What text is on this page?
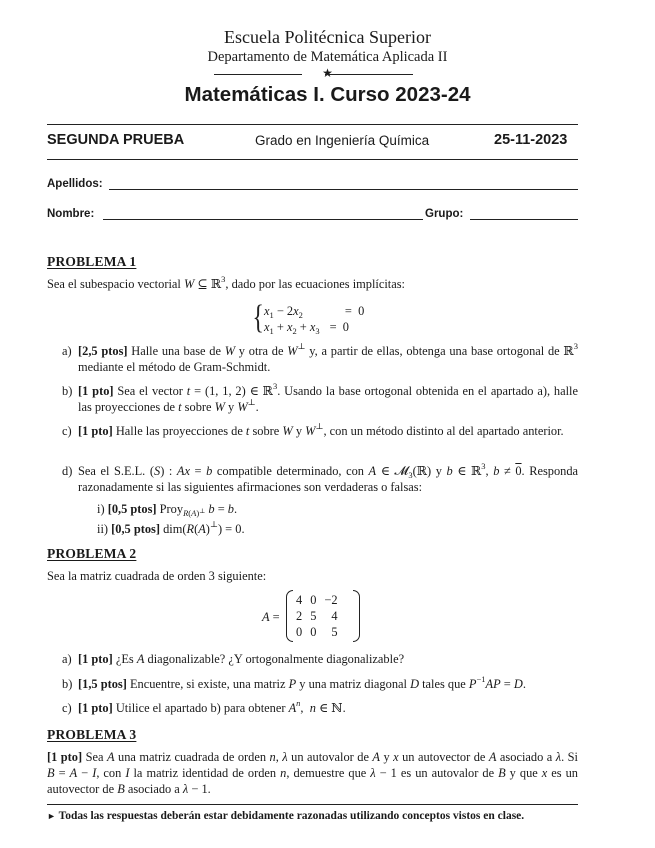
Escuela Politécnica Superior
Departamento de Matemática Aplicada II
★
Matemáticas I. Curso 2023-24
SEGUNDA PRUEBA	Grado en Ingeniería Química	25-11-2023
Apellidos:
Nombre:	Grupo:
PROBLEMA 1
Sea el subespacio vectorial W ⊆ ℝ$^3$, dado por las ecuaciones implícitas:
{ $x_1 - 2x_2$	=  0
$x_1 + x_2 + x_3 = 0$
a) [2,5 ptos] Halle una base de W y otra de W⊥ y, a partir de ellas, obtenga una base ortogonal de ℝ$^3$ mediante el método de Gram-Schmidt.
b) [1 pto] Sea el vector t = (1, 1, 2) ∈ ℝ$^3$. Usando la base ortogonal obtenida en el apartado a), halle las proyecciones de t sobre W y W⊥.
c) [1 pto] Halle las proyecciones de t sobre W y W⊥, con un método distinto al del apartado anterior.
d) Sea el S.E.L. (S) : Ax = b compatible determinado, con A ∈ 𝓜$_3$(ℝ) y b ∈ ℝ$^3$, b ≠ 0. Responda razonadamente si las siguientes afirmaciones son verdaderas o falsas:
i) [0,5 ptos] Proy$_{R(A)^\perp}$ b = b.
ii) [0,5 ptos] dim(R(A)⊥) = 0.
PROBLEMA 2
Sea la matriz cuadrada de orden 3 siguiente:
A =
4	0	−2
2	5	4
0	0	5
a) [1 pto] ¿Es A diagonalizable? ¿Y ortogonalmente diagonalizable?
b) [1,5 ptos] Encuentre, si existe, una matriz P y una matriz diagonal D tales que $P^{-1}AP = D$.
c) [1 pto] Utilice el apartado b) para obtener $A^n$,  n ∈ ℕ.
PROBLEMA 3
[1 pto] Sea A una matriz cuadrada de orden n, λ un autovalor de A y x un autovector de A asociado a λ. Si B = A − I, con I la matriz identidad de orden n, demuestre que λ − 1 es un autovalor de B y que x es un autovector de B asociado a λ − 1.
► Todas las respuestas deberán estar debidamente razonadas utilizando conceptos vistos en clase.
